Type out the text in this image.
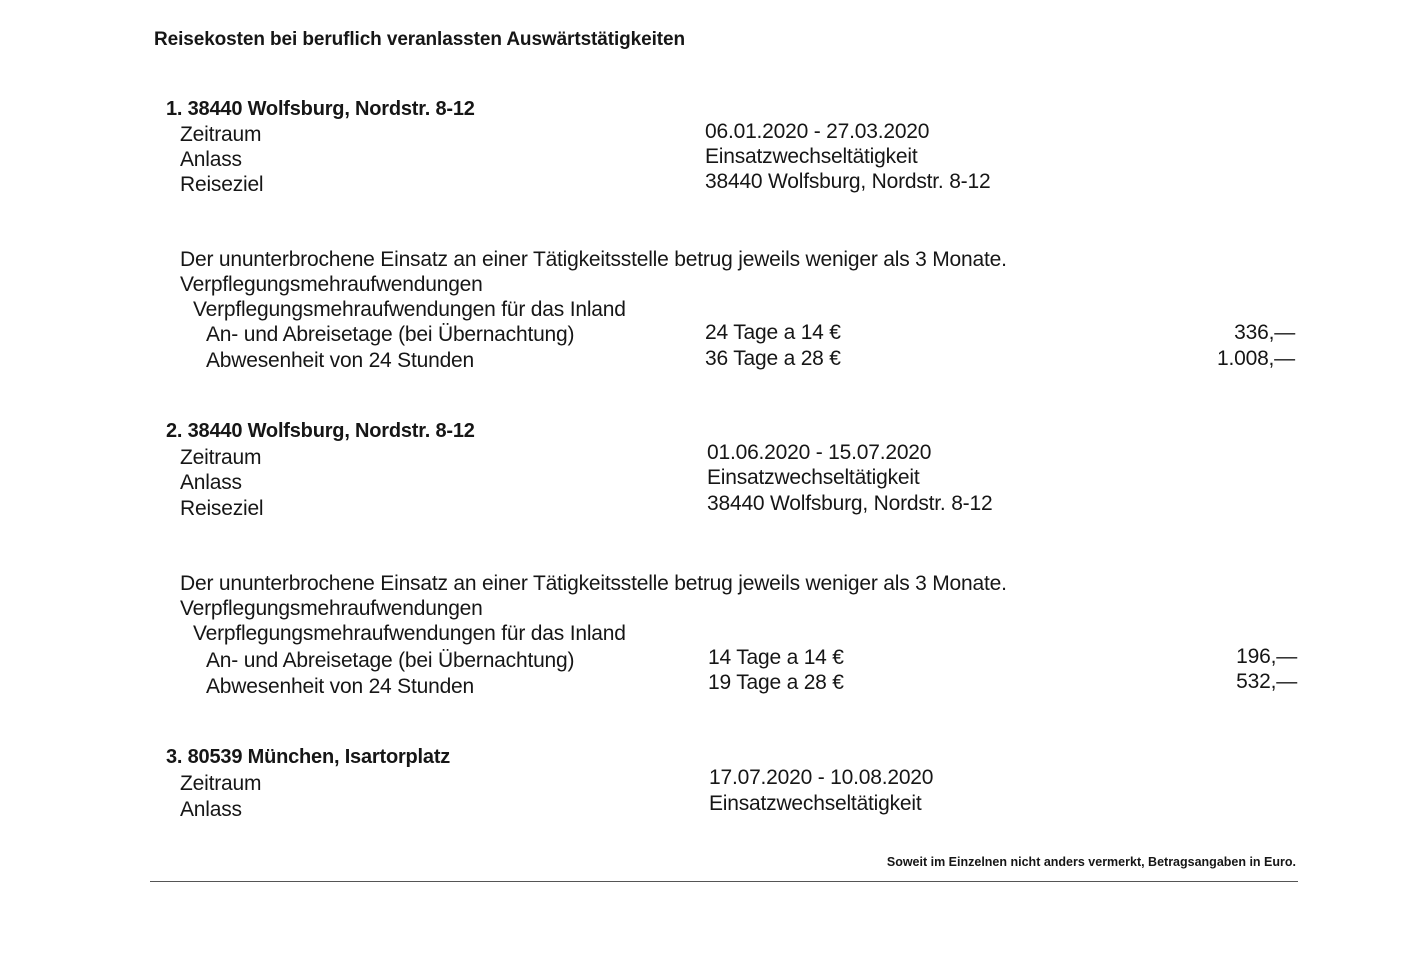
Reisekosten bei beruflich veranlassten Auswärtstätigkeiten
1. 38440 Wolfsburg, Nordstr. 8-12
Zeitraum	06.01.2020 - 27.03.2020
Anlass	Einsatzwechseltätigkeit
Reiseziel	38440 Wolfsburg, Nordstr. 8-12
Der ununterbrochene Einsatz an einer Tätigkeitsstelle betrug jeweils weniger als 3 Monate.
Verpflegungsmehraufwendungen
Verpflegungsmehraufwendungen für das Inland
An- und Abreisetage (bei Übernachtung)	24 Tage a 14 €	336,—
Abwesenheit von 24 Stunden	36 Tage a 28 €	1.008,—
2. 38440 Wolfsburg, Nordstr. 8-12
Zeitraum	01.06.2020 - 15.07.2020
Anlass	Einsatzwechseltätigkeit
Reiseziel	38440 Wolfsburg, Nordstr. 8-12
Der ununterbrochene Einsatz an einer Tätigkeitsstelle betrug jeweils weniger als 3 Monate.
Verpflegungsmehraufwendungen
Verpflegungsmehraufwendungen für das Inland
An- und Abreisetage (bei Übernachtung)	14 Tage a 14 €	196,—
Abwesenheit von 24 Stunden	19 Tage a 28 €	532,—
3. 80539 München, Isartorplatz
Zeitraum	17.07.2020 - 10.08.2020
Anlass	Einsatzwechseltätigkeit
Soweit im Einzelnen nicht anders vermerkt, Betragsangaben in Euro.
